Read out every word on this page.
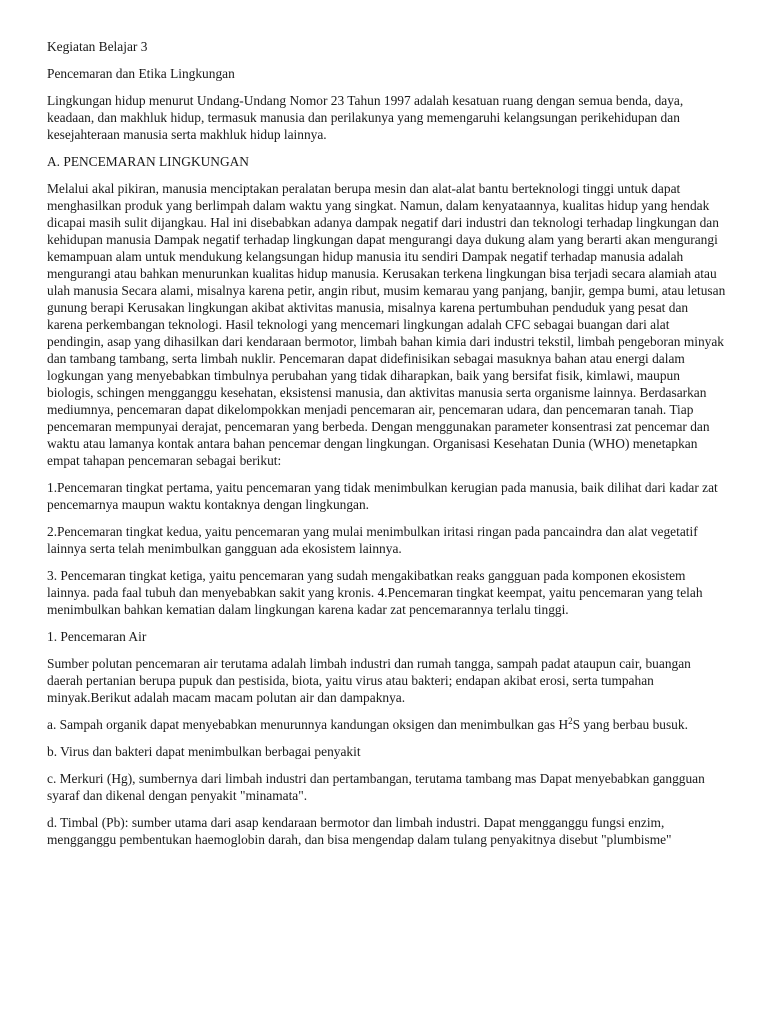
Kegiatan Belajar 3

Pencemaran dan Etika Lingkungan

Lingkungan hidup menurut Undang-Undang Nomor 23 Tahun 1997 adalah kesatuan ruang dengan semua benda, daya, keadaan, dan makhluk hidup, termasuk manusia dan perilakunya yang memengaruhi kelangsungan perikehidupan dan kesejahteraan manusia serta makhluk hidup lainnya.

A. PENCEMARAN LINGKUNGAN

Melalui akal pikiran, manusia menciptakan peralatan berupa mesin dan alat-alat bantu berteknologi tinggi untuk dapat menghasilkan produk yang berlimpah dalam waktu yang singkat. Namun, dalam kenyataannya, kualitas hidup yang hendak dicapai masih sulit dijangkau. Hal ini disebabkan adanya dampak negatif dari industri dan teknologi terhadap lingkungan dan kehidupan manusia Dampak negatif terhadap lingkungan dapat mengurangi daya dukung alam yang berarti akan mengurangi kemampuan alam untuk mendukung kelangsungan hidup manusia itu sendiri Dampak negatif terhadap manusia adalah mengurangi atau bahkan menurunkan kualitas hidup manusia. Kerusakan terkena lingkungan bisa terjadi secara alamiah atau ulah manusia Secara alami, misalnya karena petir, angin ribut, musim kemarau yang panjang, banjir, gempa bumi, atau letusan gunung berapi Kerusakan lingkungan akibat aktivitas manusia, misalnya karena pertumbuhan penduduk yang pesat dan karena perkembangan teknologi. Hasil teknologi yang mencemari lingkungan adalah CFC sebagai buangan dari alat pendingin, asap yang dihasilkan dari kendaraan bermotor, limbah bahan kimia dari industri tekstil, limbah pengeboran minyak dan tambang tambang, serta limbah nuklir. Pencemaran dapat didefinisikan sebagai masuknya bahan atau energi dalam logkungan yang menyebabkan timbulnya perubahan yang tidak diharapkan, baik yang bersifat fisik, kimlawi, maupun biologis, schingen mengganggu kesehatan, eksistensi manusia, dan aktivitas manusia serta organisme lainnya. Berdasarkan mediumnya, pencemaran dapat dikelompokkan menjadi pencemaran air, pencemaran udara, dan pencemaran tanah. Tiap pencemaran mempunyai derajat, pencemaran yang berbeda. Dengan menggunakan parameter konsentrasi zat pencemar dan waktu atau lamanya kontak antara bahan pencemar dengan lingkungan. Organisasi Kesehatan Dunia (WHO) menetapkan empat tahapan pencemaran sebagai berikut:

1.Pencemaran tingkat pertama, yaitu pencemaran yang tidak menimbulkan kerugian pada manusia, baik dilihat dari kadar zat pencemarnya maupun waktu kontaknya dengan lingkungan.

2.Pencemaran tingkat kedua, yaitu pencemaran yang mulai menimbulkan iritasi ringan pada pancaindra dan alat vegetatif lainnya serta telah menimbulkan gangguan ada ekosistem lainnya.

3. Pencemaran tingkat ketiga, yaitu pencemaran yang sudah mengakibatkan reaks gangguan pada komponen ekosistem lainnya. pada faal tubuh dan menyebabkan sakit yang kronis. 4.Pencemaran tingkat keempat, yaitu pencemaran yang telah menimbulkan bahkan kematian dalam lingkungan karena kadar zat pencemarannya terlalu tinggi.

1. Pencemaran Air

Sumber polutan pencemaran air terutama adalah limbah industri dan rumah tangga, sampah padat ataupun cair, buangan daerah pertanian berupa pupuk dan pestisida, biota, yaitu virus atau bakteri; endapan akibat erosi, serta tumpahan minyak.Berikut adalah macam macam polutan air dan dampaknya.

a. Sampah organik dapat menyebabkan menurunnya kandungan oksigen dan menimbulkan gas $H^2S$ yang berbau busuk.

b. Virus dan bakteri dapat menimbulkan berbagai penyakit

c. Merkuri (Hg), sumbernya dari limbah industri dan pertambangan, terutama tambang mas Dapat menyebabkan gangguan syaraf dan dikenal dengan penyakit "minamata".

d. Timbal (Pb): sumber utama dari asap kendaraan bermotor dan limbah industri. Dapat mengganggu fungsi enzim, mengganggu pembentukan haemoglobin darah, dan bisa mengendap dalam tulang penyakitnya disebut "plumbisme"
